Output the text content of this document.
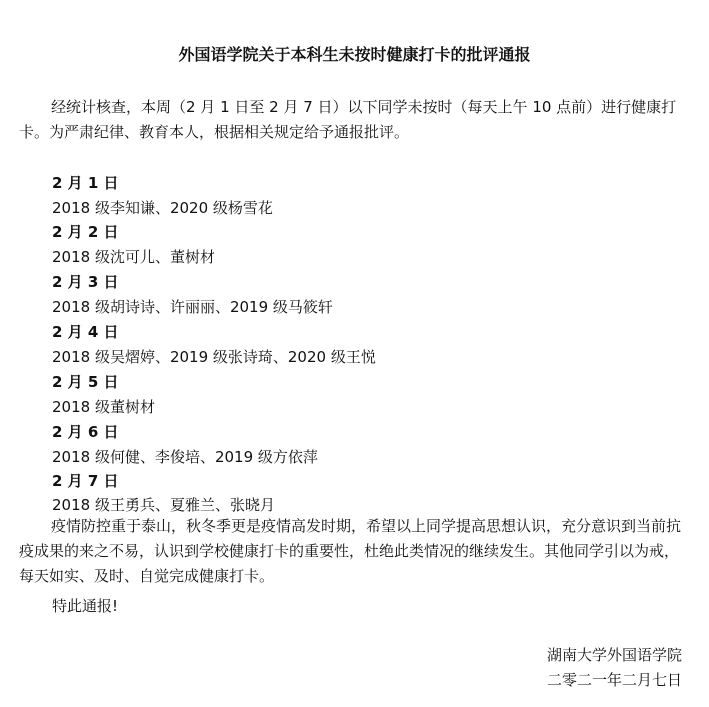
外国语学院关于本科生未按时健康打卡的批评通报

经统计核查，本周（2 月 1 日至 2 月 7 日）以下同学未按时（每天上午 10 点前）进行健康打卡。为严肃纪律、教育本人，根据相关规定给予通报批评。

2 月 1 日
2018 级李知谦、2020 级杨雪花
2 月 2 日
2018 级沈可儿、董树材
2 月 3 日
2018 级胡诗诗、许丽丽、2019 级马筱轩
2 月 4 日
2018 级吴熠婷、2019 级张诗琦、2020 级王悦
2 月 5 日
2018 级董树材
2 月 6 日
2018 级何健、李俊培、2019 级方依萍
2 月 7 日
2018 级王勇兵、夏雅兰、张晓月

疫情防控重于泰山，秋冬季更是疫情高发时期，希望以上同学提高思想认识，充分意识到当前抗疫成果的来之不易，认识到学校健康打卡的重要性，杜绝此类情况的继续发生。其他同学引以为戒，每天如实、及时、自觉完成健康打卡。

特此通报!
湖南大学外国语学院
二零二一年二月七日
